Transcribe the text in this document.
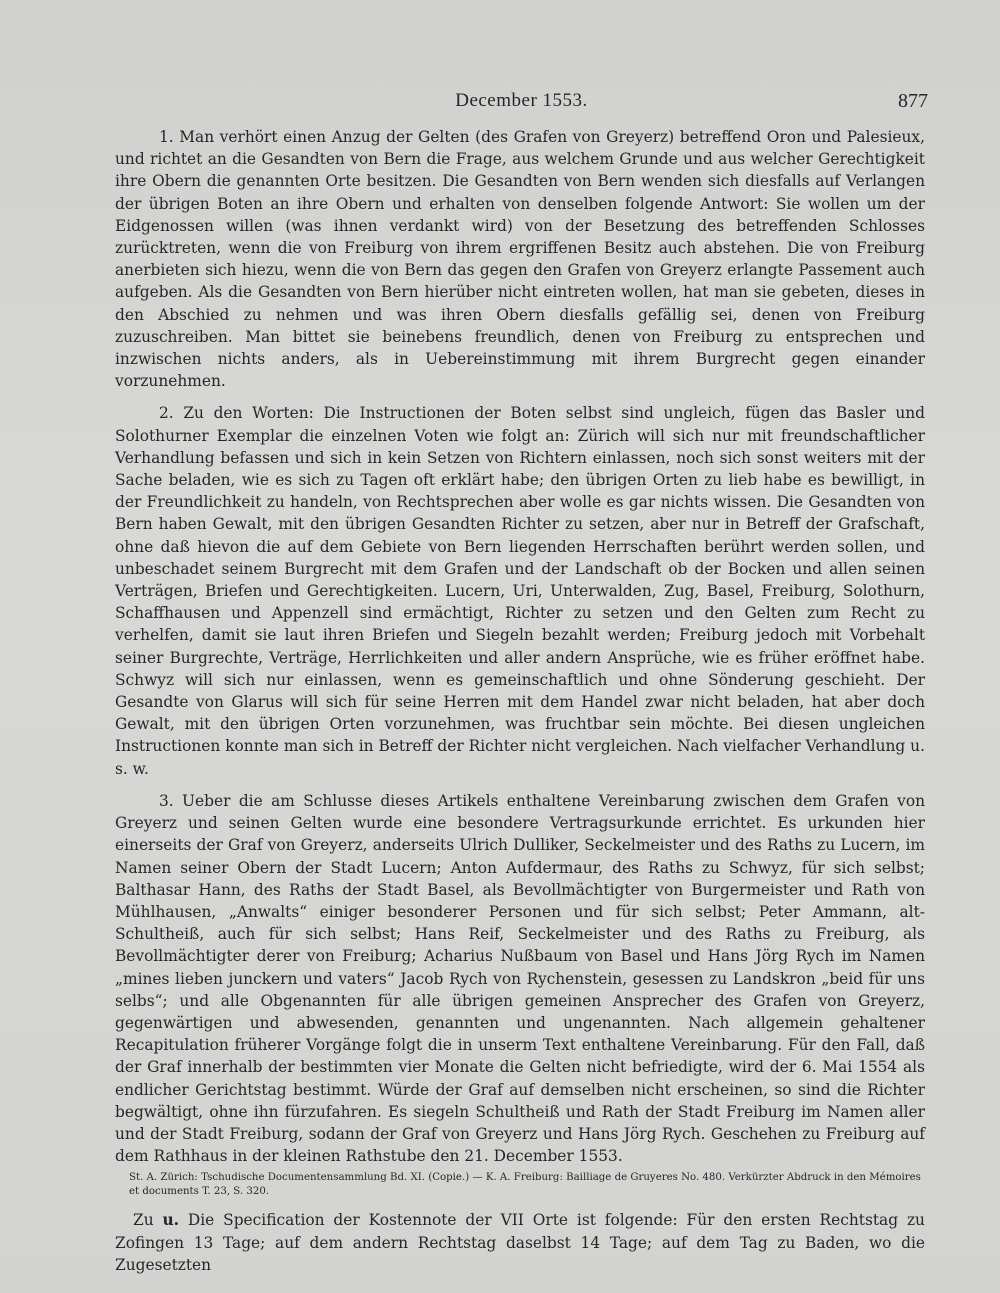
December 1553.	877

1. Man verhört einen Anzug der Gelten (des Grafen von Greyerz) betreffend Oron und Palesieux, und richtet an die Gesandten von Bern die Frage, aus welchem Grunde und aus welcher Gerechtigkeit ihre Obern die genannten Orte besitzen. Die Gesandten von Bern wenden sich diesfalls auf Verlangen der übrigen Boten an ihre Obern und erhalten von denselben folgende Antwort: Sie wollen um der Eidgenossen willen (was ihnen verdankt wird) von der Besetzung des betreffenden Schlosses zurücktreten, wenn die von Freiburg von ihrem ergriffenen Besitz auch abstehen. Die von Freiburg anerbieten sich hiezu, wenn die von Bern das gegen den Grafen von Greyerz erlangte Passement auch aufgeben. Als die Gesandten von Bern hierüber nicht eintreten wollen, hat man sie gebeten, dieses in den Abschied zu nehmen und was ihren Obern diesfalls gefällig sei, denen von Freiburg zuzuschreiben. Man bittet sie beinebens freundlich, denen von Freiburg zu entsprechen und inzwischen nichts anders, als in Uebereinstimmung mit ihrem Burgrecht gegen einander vorzunehmen.

2. Zu den Worten: Die Instructionen der Boten selbst sind ungleich, fügen das Basler und Solothurner Exemplar die einzelnen Voten wie folgt an: Zürich will sich nur mit freundschaftlicher Verhandlung befassen und sich in kein Setzen von Richtern einlassen, noch sich sonst weiters mit der Sache beladen, wie es sich zu Tagen oft erklärt habe; den übrigen Orten zu lieb habe es bewilligt, in der Freundlichkeit zu handeln, von Rechtsprechen aber wolle es gar nichts wissen. Die Gesandten von Bern haben Gewalt, mit den übrigen Gesandten Richter zu setzen, aber nur in Betreff der Grafschaft, ohne daß hievon die auf dem Gebiete von Bern liegenden Herrschaften berührt werden sollen, und unbeschadet seinem Burgrecht mit dem Grafen und der Landschaft ob der Bocken und allen seinen Verträgen, Briefen und Gerechtigkeiten. Lucern, Uri, Unterwalden, Zug, Basel, Freiburg, Solothurn, Schaffhausen und Appenzell sind ermächtigt, Richter zu setzen und den Gelten zum Recht zu verhelfen, damit sie laut ihren Briefen und Siegeln bezahlt werden; Freiburg jedoch mit Vorbehalt seiner Burgrechte, Verträge, Herrlichkeiten und aller andern Ansprüche, wie es früher eröffnet habe. Schwyz will sich nur einlassen, wenn es gemeinschaftlich und ohne Sönderung geschieht. Der Gesandte von Glarus will sich für seine Herren mit dem Handel zwar nicht beladen, hat aber doch Gewalt, mit den übrigen Orten vorzunehmen, was fruchtbar sein möchte. Bei diesen ungleichen Instructionen konnte man sich in Betreff der Richter nicht vergleichen. Nach vielfacher Verhandlung u. s. w.

3. Ueber die am Schlusse dieses Artikels enthaltene Vereinbarung zwischen dem Grafen von Greyerz und seinen Gelten wurde eine besondere Vertragsurkunde errichtet. Es urkunden hier einerseits der Graf von Greyerz, anderseits Ulrich Dulliker, Seckelmeister und des Raths zu Lucern, im Namen seiner Obern der Stadt Lucern; Anton Aufdermaur, des Raths zu Schwyz, für sich selbst; Balthasar Hann, des Raths der Stadt Basel, als Bevollmächtigter von Burgermeister und Rath von Mühlhausen, „Anwalts“ einiger besonderer Personen und für sich selbst; Peter Ammann, alt-Schultheiß, auch für sich selbst; Hans Reif, Seckelmeister und des Raths zu Freiburg, als Bevollmächtigter derer von Freiburg; Acharius Nußbaum von Basel und Hans Jörg Rych im Namen „mines lieben junckern und vaters“ Jacob Rych von Rychenstein, gesessen zu Landskron „beid für uns selbs“; und alle Obgenannten für alle übrigen gemeinen Ansprecher des Grafen von Greyerz, gegenwärtigen und abwesenden, genannten und ungenannten. Nach allgemein gehaltener Recapitulation früherer Vorgänge folgt die in unserm Text enthaltene Vereinbarung. Für den Fall, daß der Graf innerhalb der bestimmten vier Monate die Gelten nicht befriedigte, wird der 6. Mai 1554 als endlicher Gerichtstag bestimmt. Würde der Graf auf demselben nicht erscheinen, so sind die Richter begwältigt, ohne ihn fürzufahren. Es siegeln Schultheiß und Rath der Stadt Freiburg im Namen aller und der Stadt Freiburg, sodann der Graf von Greyerz und Hans Jörg Rych. Geschehen zu Freiburg auf dem Rathhaus in der kleinen Rathstube den 21. December 1553.

St. A. Zürich: Tschudische Documentensammlung Bd. XI. (Copie.) — K. A. Freiburg: Bailliage de Gruyeres No. 480. Verkürzter Abdruck in den Mémoires et documents T. 23, S. 320.

Zu u. Die Specification der Kostennote der VII Orte ist folgende: Für den ersten Rechtstag zu Zofingen 13 Tage; auf dem andern Rechtstag daselbst 14 Tage; auf dem Tag zu Baden, wo die Zugesetzten
